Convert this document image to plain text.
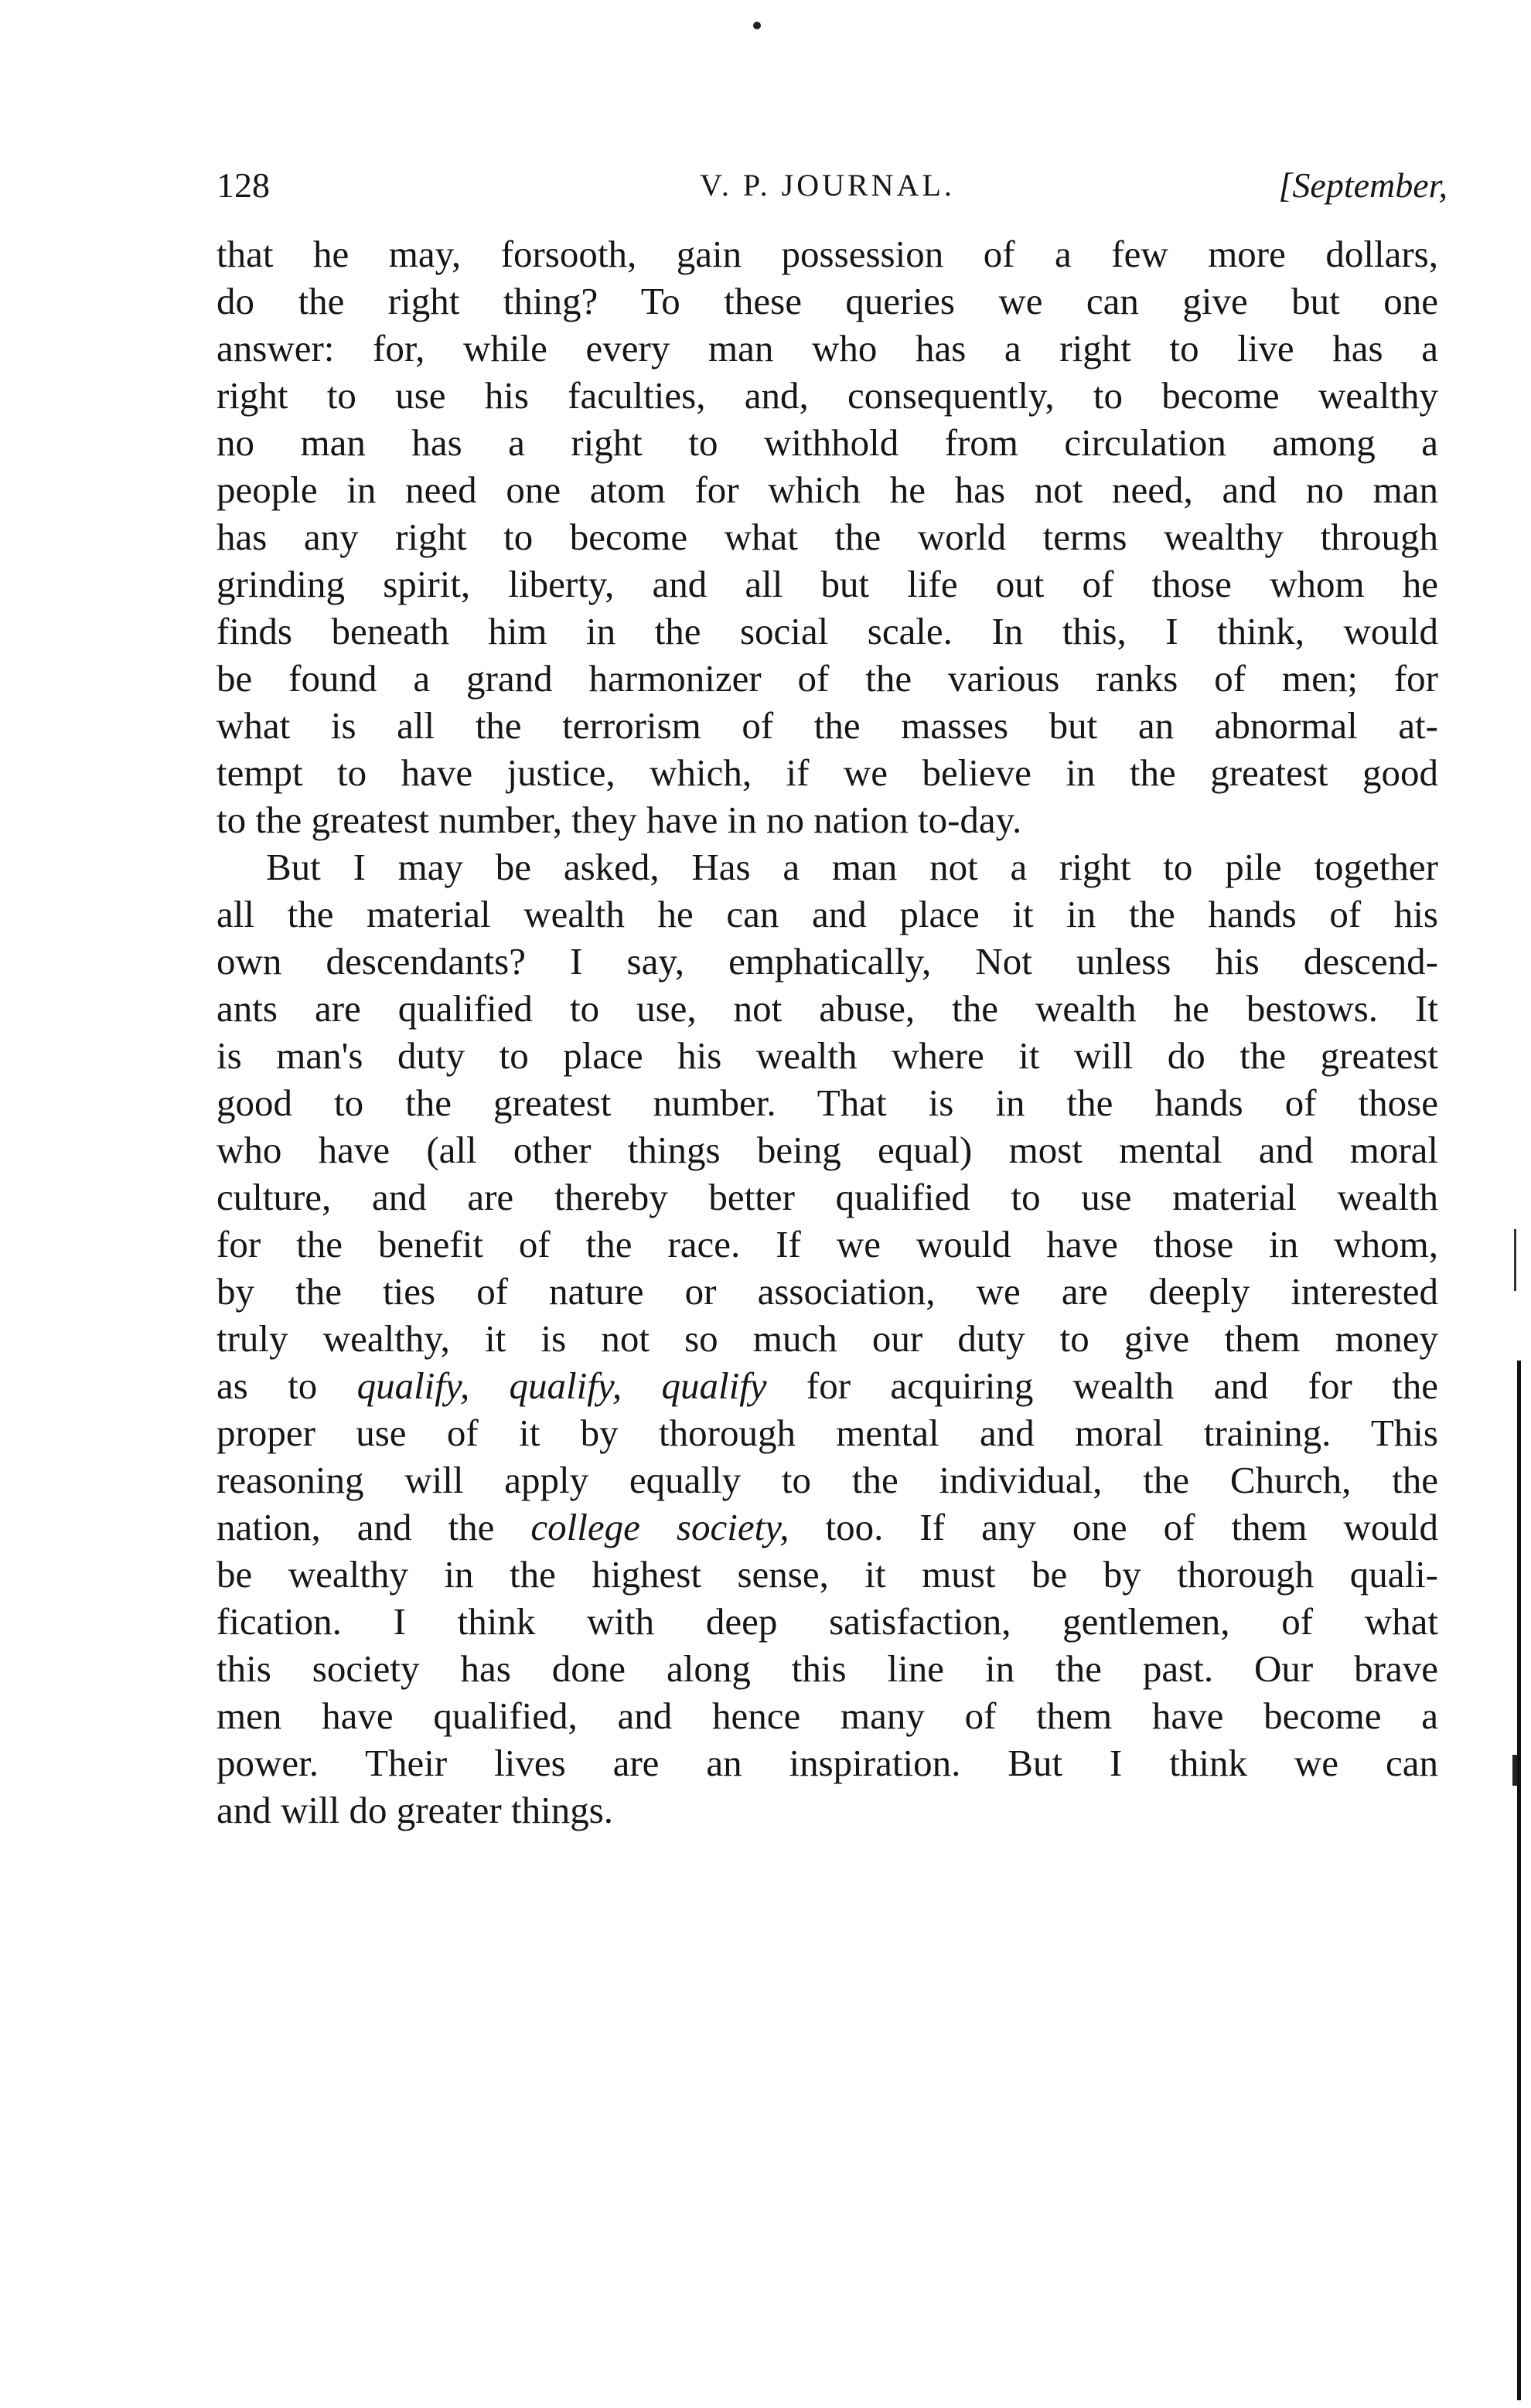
128	V. P. JOURNAL.	[September,
that he may, forsooth, gain possession of a few more dollars,
do the right thing? To these queries we can give but one
answer: for, while every man who has a right to live has a
right to use his faculties, and, consequently, to become wealthy
no man has a right to withhold from circulation among a
people in need one atom for which he has not need, and no man
has any right to become what the world terms wealthy through
grinding spirit, liberty, and all but life out of those whom he
finds beneath him in the social scale. In this, I think, would
be found a grand harmonizer of the various ranks of men; for
what is all the terrorism of the masses but an abnormal at-
tempt to have justice, which, if we believe in the greatest good
to the greatest number, they have in no nation to-day.
But I may be asked, Has a man not a right to pile together
all the material wealth he can and place it in the hands of his
own descendants? I say, emphatically, Not unless his descend-
ants are qualified to use, not abuse, the wealth he bestows. It
is man's duty to place his wealth where it will do the greatest
good to the greatest number. That is in the hands of those
who have (all other things being equal) most mental and moral
culture, and are thereby better qualified to use material wealth
for the benefit of the race. If we would have those in whom,
by the ties of nature or association, we are deeply interested
truly wealthy, it is not so much our duty to give them money
as to qualify, qualify, qualify for acquiring wealth and for the
proper use of it by thorough mental and moral training. This
reasoning will apply equally to the individual, the Church, the
nation, and the college society, too. If any one of them would
be wealthy in the highest sense, it must be by thorough quali-
fication. I think with deep satisfaction, gentlemen, of what
this society has done along this line in the past. Our brave
men have qualified, and hence many of them have become a
power. Their lives are an inspiration. But I think we can
and will do greater things.
